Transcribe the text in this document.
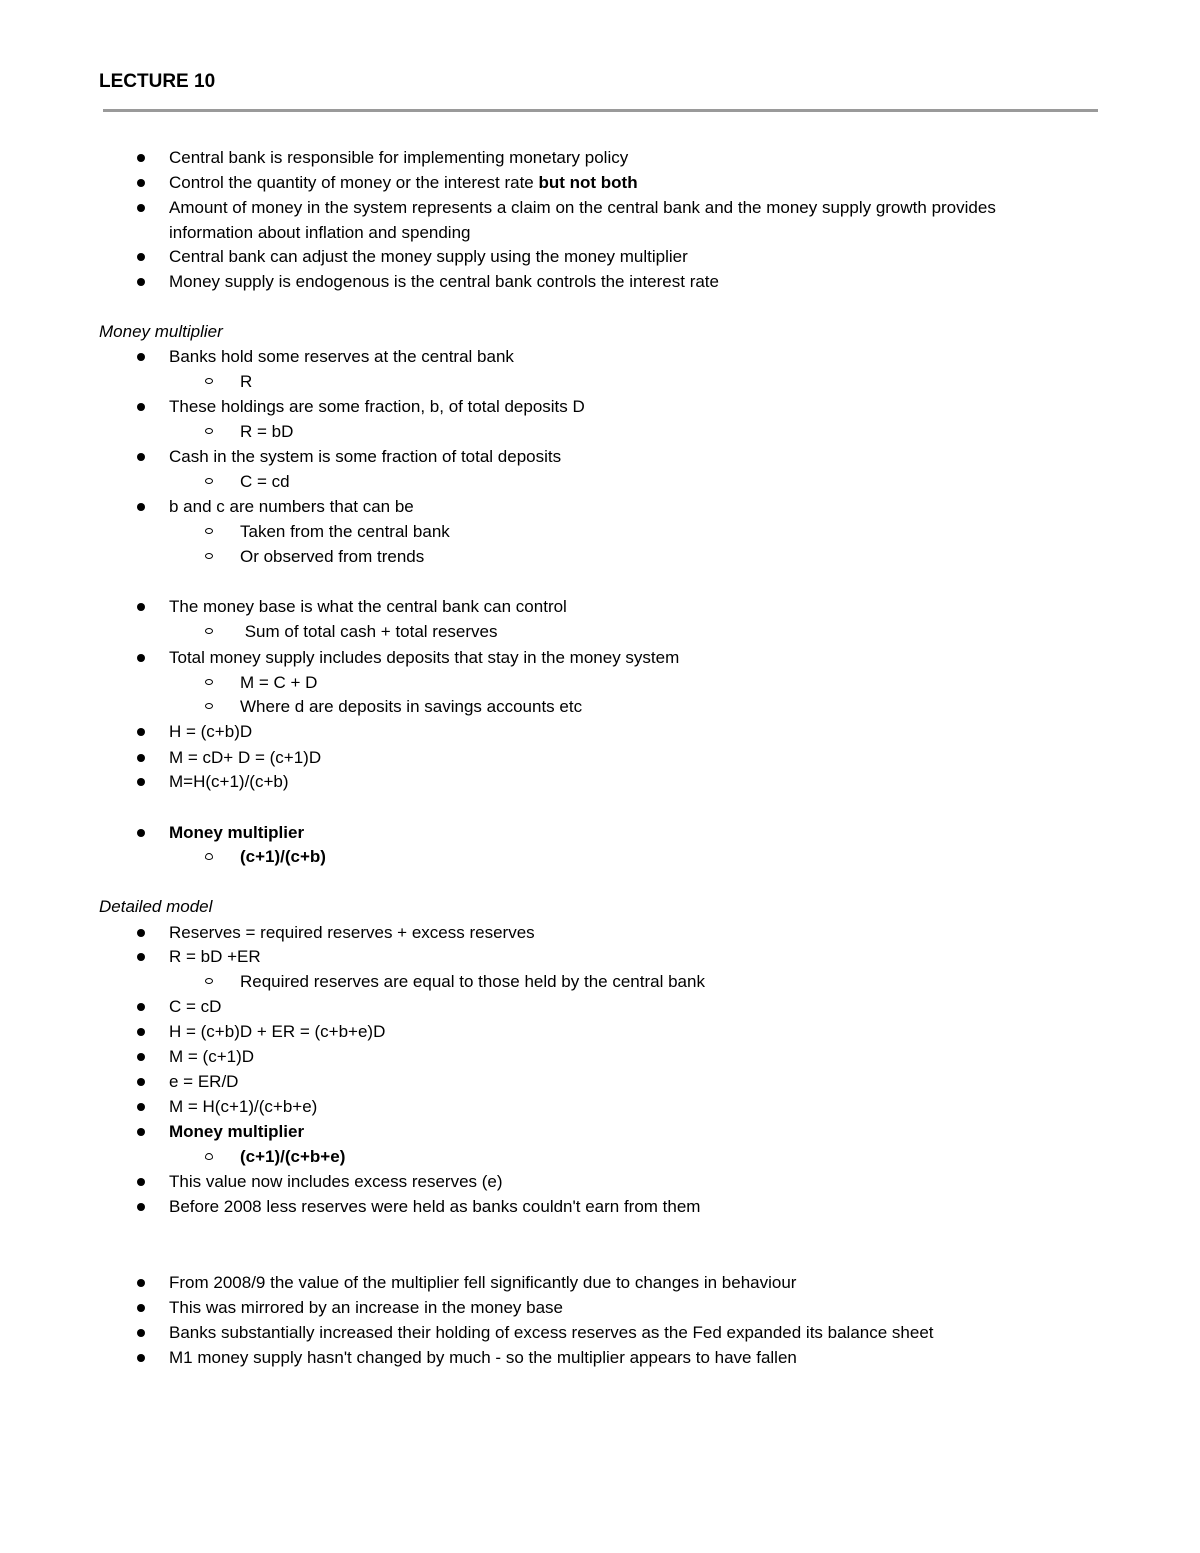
LECTURE 10
Central bank is responsible for implementing monetary policy
Control the quantity of money or the interest rate but not both
Amount of money in the system represents a claim on the central bank and the money supply growth provides
information about inflation and spending
Central bank can adjust the money supply using the money multiplier
Money supply is endogenous is the central bank controls the interest rate
Money multiplier
Banks hold some reserves at the central bank
R
These holdings are some fraction, b, of total deposits D
R = bD
Cash in the system is some fraction of total deposits
C = cd
b and c are numbers that can be
Taken from the central bank
Or observed from trends
The money base is what the central bank can control
Sum of total cash + total reserves
Total money supply includes deposits that stay in the money system
M = C + D
Where d are deposits in savings accounts etc
H = (c+b)D
M = cD+ D = (c+1)D
M=H(c+1)/(c+b)
Money multiplier
(c+1)/(c+b)
Detailed model
Reserves = required reserves + excess reserves
R = bD +ER
Required reserves are equal to those held by the central bank
C = cD
H = (c+b)D + ER = (c+b+e)D
M = (c+1)D
e = ER/D
M = H(c+1)/(c+b+e)
Money multiplier
(c+1)/(c+b+e)
This value now includes excess reserves (e)
Before 2008 less reserves were held as banks couldn't earn from them
From 2008/9 the value of the multiplier fell significantly due to changes in behaviour
This was mirrored by an increase in the money base
Banks substantially increased their holding of excess reserves as the Fed expanded its balance sheet
M1 money supply hasn't changed by much - so the multiplier appears to have fallen
